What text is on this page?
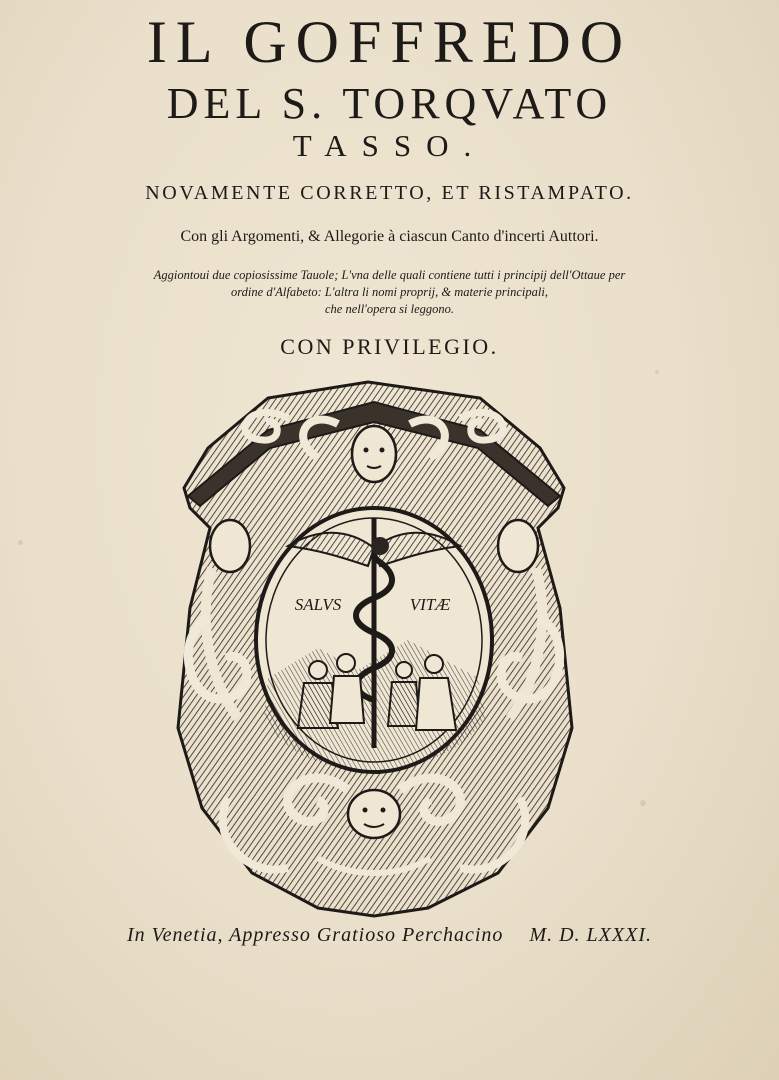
IL GOFFREDO
DEL S. TORQVATO
TASSO.
NOVAMENTE CORRETTO, ET RISTAMPATO.
Con gli Argomenti, & Allegorie à ciascun Canto d'incerti Auttori.
Aggiontoui due copiosissime Tauole; L'vna delle quali contiene tutti i principij dell'Ottaue per
ordine d'Alfabeto: L'altra li nomi proprij, & materie principali,
che nell'opera si leggono.
CON PRIVILEGIO.
SALVS	VITÆ
In Venetia, Appresso Gratioso Perchacino M. D. LXXXI.
